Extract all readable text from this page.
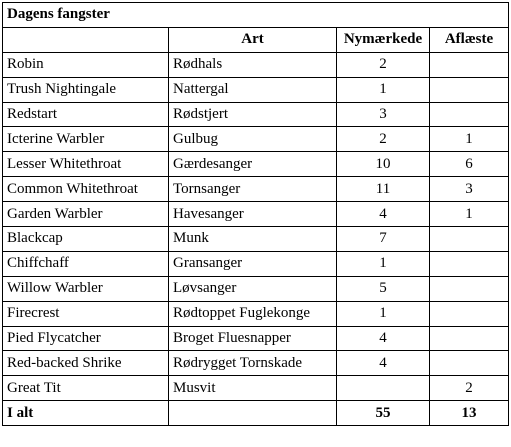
Dagens fangster			
	Art	Nymærkede	Aflæste
Robin	Rødhals	2	
Trush Nightingale	Nattergal	1	
Redstart	Rødstjert	3	
Icterine Warbler	Gulbug	2	1
Lesser Whitethroat	Gærdesanger	10	6
Common Whitethroat	Tornsanger	11	3
Garden Warbler	Havesanger	4	1
Blackcap	Munk	7	
Chiffchaff	Gransanger	1	
Willow Warbler	Løvsanger	5	
Firecrest	Rødtoppet Fuglekonge	1	
Pied Flycatcher	Broget Fluesnapper	4	
Red-backed Shrike	Rødrygget Tornskade	4	
Great Tit	Musvit		2
I alt		55	13
